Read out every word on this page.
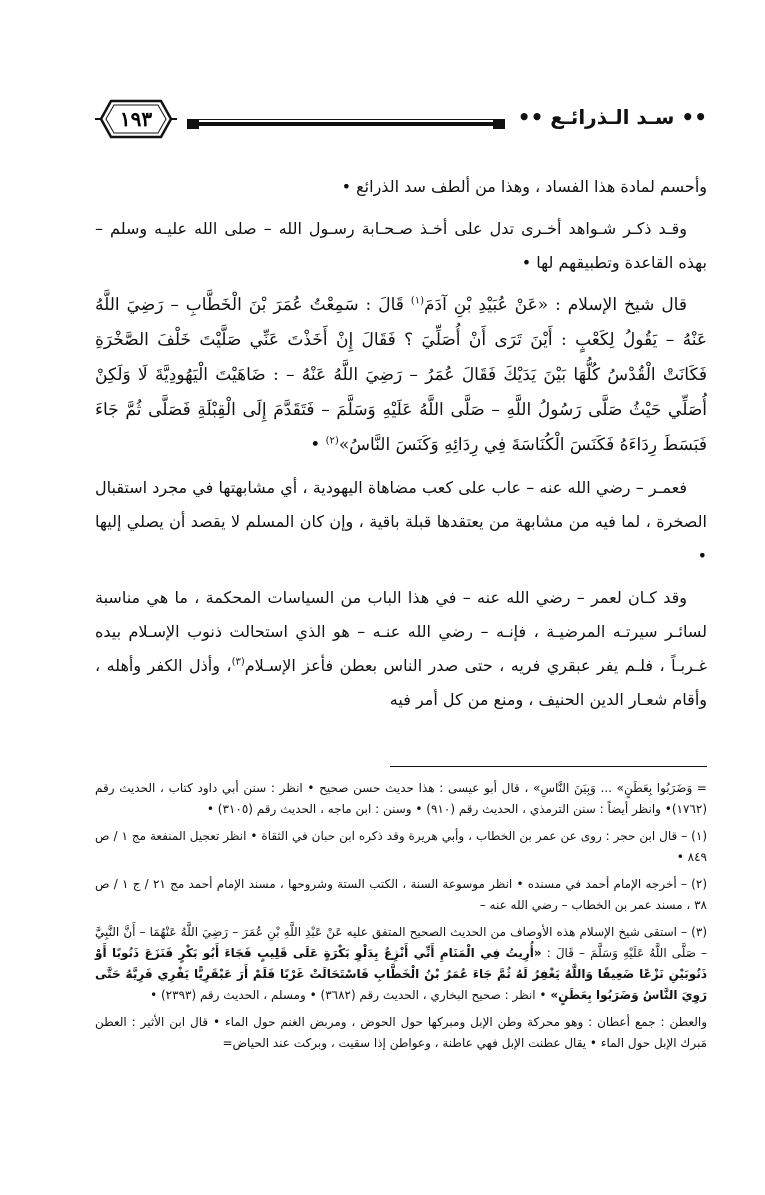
١٩٣	•• سـد الـذرائـع ••

وأحسم لمادة هذا الفساد ، وهذا من ألطف سد الذرائع •

وقـد ذكـر شـواهد أخـرى تدل على أخـذ صـحـابة رسـول الله – صلى الله عليـه وسلم – بهذه القاعدة وتطبيقهم لها •

قال شيخ الإسلام : «عَنْ عُبَيْدِ بْنِ آدَمَ$^{(١)}$ قَالَ : سَمِعْتُ عُمَرَ بْنَ الْخَطَّابِ – رَضِيَ اللَّهُ عَنْهُ – يَقُولُ لِكَعْبٍ : أَيْنَ تَرَى أَنْ أُصَلِّيَ ؟ فَقَالَ إِنْ أَخَذْتَ عَنِّي صَلَّيْتَ خَلْفَ الصَّخْرَةِ فَكَانَتْ الْقُدْسُ كُلُّهَا بَيْنَ يَدَيْكَ فَقَالَ عُمَرُ – رَضِيَ اللَّهُ عَنْهُ – : ضَاهَيْتَ الْيَهُودِيَّةَ لَا وَلَكِنْ أُصَلِّي حَيْثُ صَلَّى رَسُولُ اللَّهِ – صَلَّى اللَّهُ عَلَيْهِ وَسَلَّمَ – فَتَقَدَّمَ إِلَى الْقِبْلَةِ فَصَلَّى ثُمَّ جَاءَ فَبَسَطَ رِدَاءَهُ فَكَنَسَ الْكُنَاسَةَ فِي رِدَائِهِ وَكَنَسَ النَّاسُ»$^{(٢)}$ •

فعمـر – رضي الله عنه – عاب على كعب مضاهاة اليهودية ، أي مشابهتها في مجرد استقبال الصخرة ، لما فيه من مشابهة من يعتقدها قبلة باقية ، وإن كان المسلم لا يقصد أن يصلي إليها •

وقد كـان لعمر – رضي الله عنه – في هذا الباب من السياسات المحكمة ، ما هي مناسبة لسائـر سيرتـه المرضيـة ، فإنـه – رضي الله عنـه – هو الذي استحالت ذنوب الإسـلام بيده غـربـاً ، فلـم يفر عبقري فريه ، حتى صدر الناس بعطن فأعز الإسـلام$^{(٣)}$، وأذل الكفر وأهله ، وأقام شعـار الدين الحنيف ، ومنع من كل أمر فيه

= وَضَرَبُوا بِعَطَنٍ» ... وَبِيَنَ النَّاسِ» ، قال أبو عيسى : هذا حديث حسن صحيح • انظر : سنن أبي داود كتاب ، الحديث رقم (١٧٦٢)• وانظر أيضاً : سنن الترمذي ، الحديث رقم (٩١٠) • وسنن : ابن ماجه ، الحديث رقم (٣١٠٥) •

(١) – قال ابن حجر : روى عن عمر بن الخطاب ، وأبي هريرة وقد ذكره ابن حبان في الثقاة • انظر تعجيل المنفعة مج ١ / ص ٨٤٩ •

(٢) – أخرجه الإمام أحمد في مسنده • انظر موسوعة السنة ، الكتب الستة وشروحها ، مسند الإمام أحمد مج ٢١ / ج ١ / ص ٣٨ ، مسند عمر بن الخطاب – رضي الله عنه –

(٣) – استقى شيخ الإسلام هذه الأوصاف من الحديث الصحيح المتفق عليه عَنْ عَبْدِ اللَّهِ بْنِ عُمَرَ – رَضِيَ اللَّهُ عَنْهُمَا – أَنَّ النَّبِيَّ – صَلَّى اللَّهُ عَلَيْهِ وَسَلَّمَ – قَالَ : «أُرِيتُ فِي الْمَنَامِ أَنِّي أَنْزِعُ بِدَلْوِ بَكْرَةٍ عَلَى قَلِيبٍ فَجَاءَ أَبُو بَكْرٍ فَنَزَعَ ذَنُوبًا أَوْ ذَنُوبَيْنِ نَزْعًا ضَعِيفًا وَاللَّهُ يَغْفِرُ لَهُ ثُمَّ جَاءَ عُمَرُ بْنُ الْخَطَّابِ فَاسْتَحَالَتْ غَرْبًا فَلَمْ أَرَ عَبْقَرِيًّا يَفْرِي فَرِيَّهُ حَتَّى رَوِيَ النَّاسُ وَضَرَبُوا بِعَطَنٍ» • انظر : صحيح البخاري ، الحديث رقم (٣٦٨٢) • ومسلم ، الحديث رقم (٢٣٩٣) •

والعطن : جمع أعطان : وهو محركة وطن الإبل ومبركها حول الحوض ، ومربض الغنم حول الماء • قال ابن الأثير : العطن مَبرك الإبل حول الماء • يقال عطنت الإبل فهي عاطنة ، وعواطن إذا سقيت ، وبركت عند الحياض=
